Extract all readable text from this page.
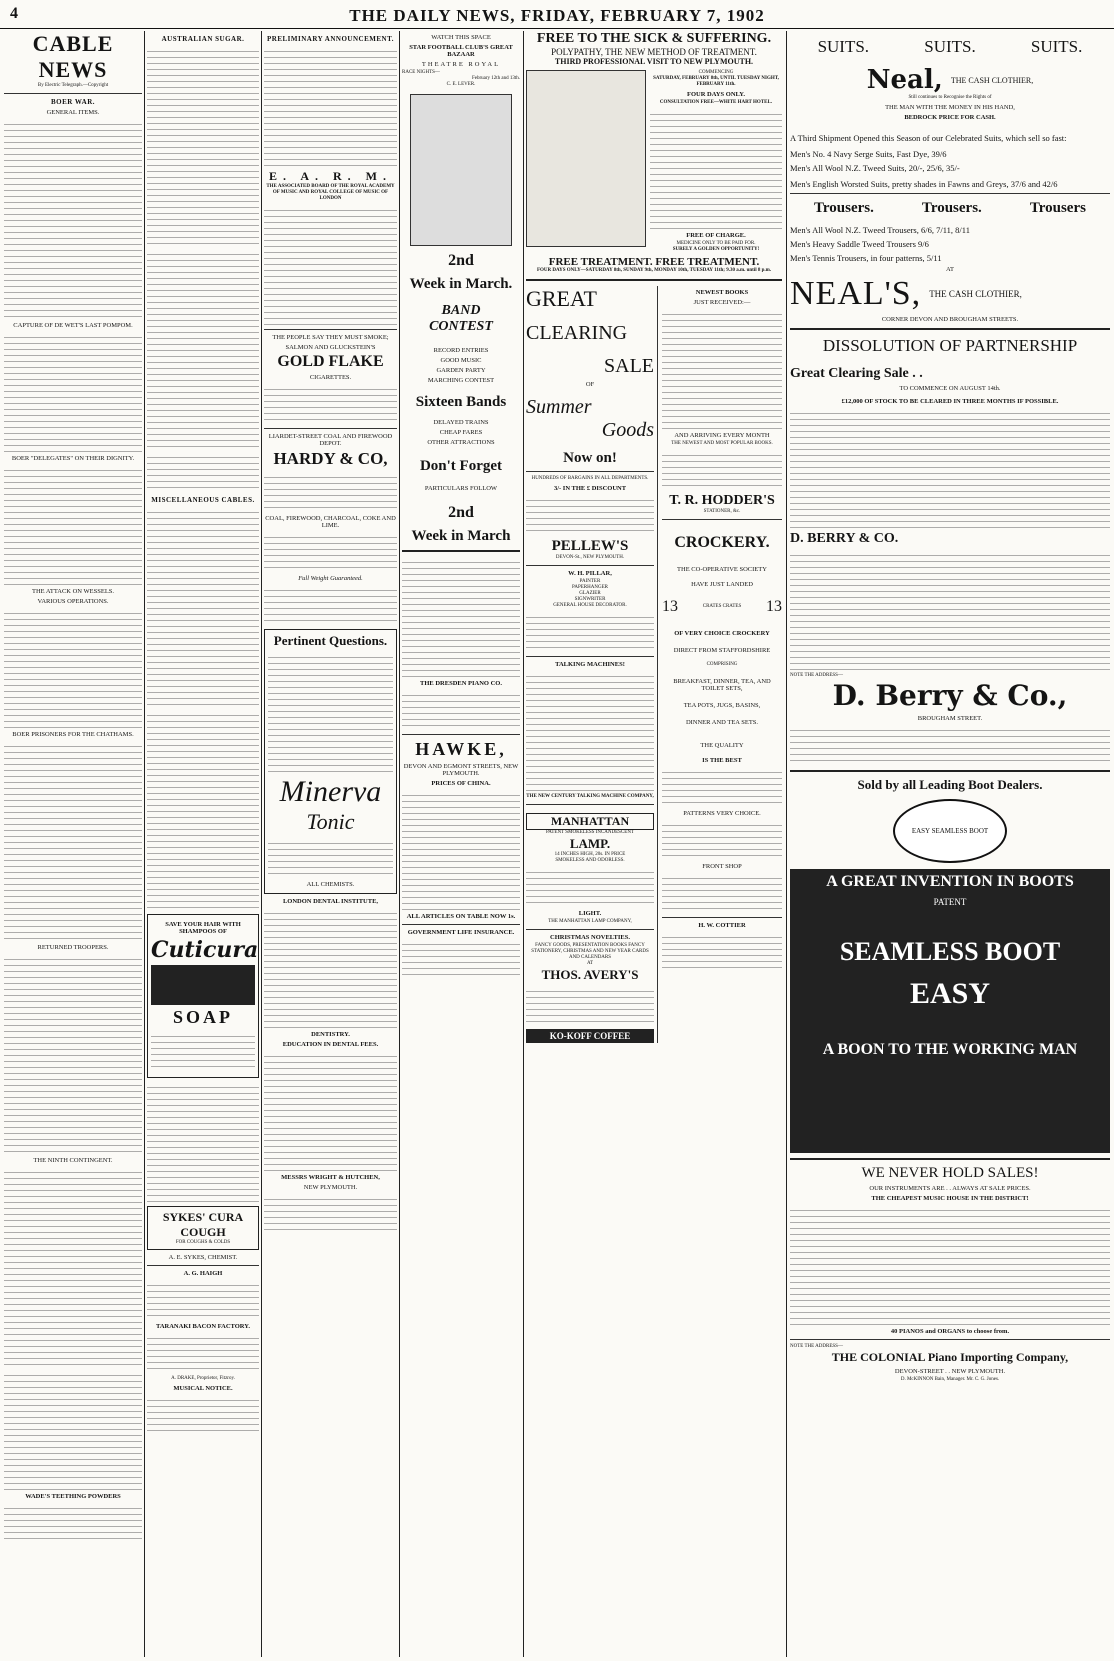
4	THE DAILY NEWS, FRIDAY, FEBRUARY 7, 1902
CABLE NEWS

By Electric Telegraph.—Copyright

BOER WAR.

GENERAL ITEMS.

CAPTURE OF DE WET'S LAST POMPOM.

BOER "DELEGATES" ON THEIR DIGNITY.

THE ATTACK ON WESSELS.

VARIOUS OPERATIONS.

BOER PRISONERS FOR THE CHATHAMS.

RETURNED TROOPERS.

THE NINTH CONTINGENT.

WADE'S TEETHING POWDERS

AUSTRALIAN SUGAR.

MISCELLANEOUS CABLES.

SAVE YOUR HAIR WITH SHAMPOOS OF

Cuticura

SOAP

SYKES' CURA COUGH

FOR COUGHS & COLDS

A. E. SYKES, CHEMIST.

A. G. HAIGH

TARANAKI BACON FACTORY.

A. DRAKE, Proprietor, Fitzroy.

MUSICAL NOTICE.

PRELIMINARY ANNOUNCEMENT.

E. A. R. M.

THE ASSOCIATED BOARD OF THE ROYAL ACADEMY OF MUSIC AND ROYAL COLLEGE OF MUSIC OF LONDON

THE PEOPLE SAY THEY MUST SMOKE;

SALMON AND GLUCKSTEIN'S

GOLD FLAKE

CIGARETTES.

LIARDET-STREET COAL AND FIREWOOD DEPOT.

HARDY & CO,

COAL, FIREWOOD, CHARCOAL, COKE AND LIME.

Full Weight Guaranteed.

Pertinent Questions.

Minerva

Tonic

ALL CHEMISTS.

LONDON DENTAL INSTITUTE,

DENTISTRY.

EDUCATION IN DENTAL FEES.

MESSRS WRIGHT & HUTCHEN,

NEW PLYMOUTH.

WATCH THIS SPACE

STAR FOOTBALL CLUB'S GREAT BAZAAR

THEATRE ROYAL

RACE NIGHTS—

February 12th and 13th.

C. E. LEVER.

2nd

Week in March.

BAND

CONTEST

RECORD ENTRIES

GOOD MUSIC

GARDEN PARTY

MARCHING CONTEST

Sixteen Bands

DELAYED TRAINS

CHEAP FARES

OTHER ATTRACTIONS

Don't Forget

PARTICULARS FOLLOW

2nd

Week in March

THE DRESDEN PIANO CO.

HAWKE,

DEVON AND EGMONT STREETS, NEW PLYMOUTH.

PRICES OF CHINA.

ALL ARTICLES ON TABLE NOW 1s.

GOVERNMENT LIFE INSURANCE.

FREE TO THE SICK & SUFFERING.

POLYPATHY, THE NEW METHOD OF TREATMENT.

THIRD PROFESSIONAL VISIT TO NEW PLYMOUTH.

COMMENCING

SATURDAY, FEBRUARY 8th, UNTIL TUESDAY NIGHT, FEBRUARY 11th.

FOUR DAYS ONLY.

CONSULTATION FREE—WHITE HART HOTEL.

FREE OF CHARGE.

MEDICINE ONLY TO BE PAID FOR.

SURELY A GOLDEN OPPORTUNITY!

FREE TREATMENT. FREE TREATMENT.

FOUR DAYS ONLY—SATURDAY 8th, SUNDAY 9th, MONDAY 10th, TUESDAY 11th; 9.30 a.m. until 8 p.m.

GREAT

CLEARING

SALE

OF

Summer

Goods

Now on!

HUNDREDS OF BARGAINS IN ALL DEPARTMENTS.

3/- IN THE £ DISCOUNT

PELLEW'S

DEVON-St., NEW PLYMOUTH.

W. H. PILLAR,

PAINTER

PAPERHANGER

GLAZIER

SIGNWRITER

GENERAL HOUSE DECORATOR.

TALKING MACHINES!

THE NEW CENTURY TALKING MACHINE COMPANY,

MANHATTAN

PATENT SMOKELESS INCANDESCENT

LAMP.

14 INCHES HIGH, 20s. IN PRICE

SMOKELESS AND ODORLESS.

LIGHT.

THE MANHATTAN LAMP COMPANY,

CHRISTMAS NOVELTIES.

FANCY GOODS, PRESENTATION BOOKS FANCY STATIONERY, CHRISTMAS AND NEW YEAR CARDS AND CALENDARS

AT

THOS. AVERY'S

KO-KOFF COFFEE

NEWEST BOOKS

JUST RECEIVED:—

AND ARRIVING EVERY MONTH

THE NEWEST AND MOST POPULAR BOOKS.

T. R. HODDER'S

STATIONER, &c.

CROCKERY.

THE CO-OPERATIVE SOCIETY

HAVE JUST LANDED

13	CRATES CRATES 13

OF VERY CHOICE CROCKERY

DIRECT FROM STAFFORDSHIRE

COMPRISING

BREAKFAST, DINNER, TEA, AND TOILET SETS,

TEA POTS, JUGS, BASINS,

DINNER AND TEA SETS.

THE QUALITY

IS THE BEST

PATTERNS VERY CHOICE.

FRONT SHOP

H. W. COTTIER

SUITS.	SUITS.	SUITS.
Neal, THE CASH CLOTHIER,

Still continues to Recognise the Rights of

THE MAN WITH THE MONEY IN HIS HAND,

BEDROCK PRICE FOR CASH.

A Third Shipment Opened this Season of our Celebrated Suits, which sell so fast:

Men's No. 4 Navy Serge Suits, Fast Dye, 39/6

Men's All Wool N.Z. Tweed Suits, 20/-, 25/6, 35/-

Men's English Worsted Suits, pretty shades in Fawns and Greys, 37/6 and 42/6

Trousers.	Trousers.	Trousers

Men's All Wool N.Z. Tweed Trousers, 6/6, 7/11, 8/11

Men's Heavy Saddle Tweed Trousers 9/6

Men's Tennis Trousers, in four patterns, 5/11

AT

NEAL'S, THE CASH CLOTHIER,

CORNER DEVON AND BROUGHAM STREETS.

DISSOLUTION OF PARTNERSHIP

Great Clearing Sale . .

TO COMMENCE ON AUGUST 14th.

£12,000 OF STOCK TO BE CLEARED IN THREE MONTHS IF POSSIBLE.

D. BERRY & CO.

NOTE THE ADDRESS—

D. Berry & Co.,

BROUGHAM STREET.

Sold by all Leading Boot Dealers.

EASY SEAMLESS BOOT

A GREAT INVENTION IN BOOTS

PATENT

SEAMLESS BOOT

EASY

A BOON TO THE WORKING MAN

WE NEVER HOLD SALES!

OUR INSTRUMENTS ARE . . ALWAYS AT SALE PRICES.

THE CHEAPEST MUSIC HOUSE IN THE DISTRICT!

40 PIANOS and ORGANS to choose from.

NOTE THE ADDRESS—

THE COLONIAL Piano Importing Company,

DEVON-STREET . . NEW PLYMOUTH.

D. McKINNON Bain, Manager. Mr. C. G. Jones.
